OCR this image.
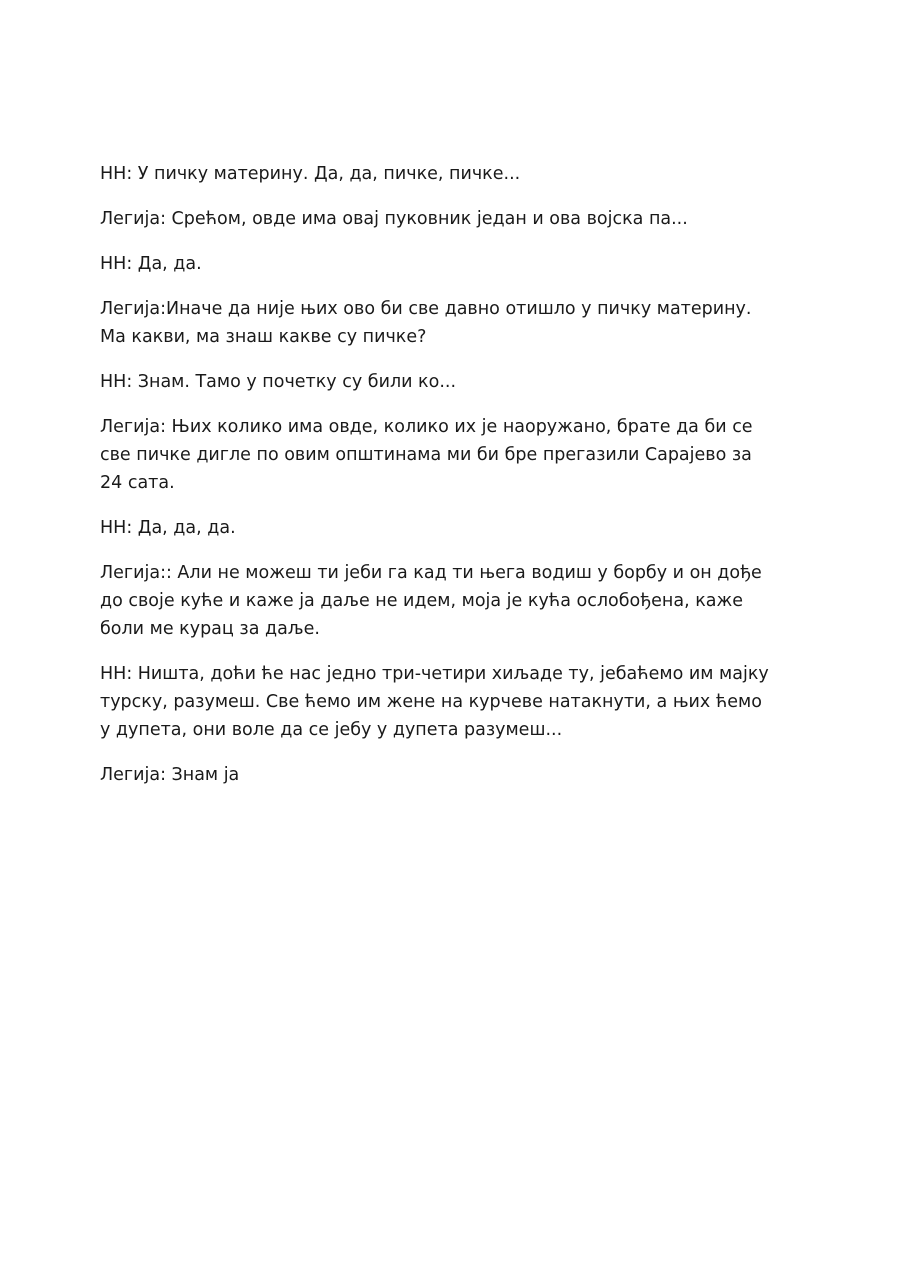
НН: У пичку материну. Да, да, пичке, пичке...

Легија: Срећом, овде има овај пуковник један и ова војска па...

НН: Да, да.

Легија:Иначе да није њих ово би све давно отишло у пичку материну. Ма какви, ма знаш какве су пичке?

НН: Знам. Тамо у почетку су били ко...

Легија: Њих колико има овде, колико их је наоружано, брате да би се све пичке дигле по овим општинама ми би бре прегазили Сарајево за 24 сата.

НН: Да, да, да.

Легија:: Али не можеш ти јеби га кад ти њега водиш у борбу и он дође до своје куће и каже ја даље не идем, моја је кућа ослобођена, каже боли ме курац за даље.

НН: Ништа, доћи ће нас једно три-четири хиљаде ту, јебаћемо им мајку турску, разумеш. Све ћемо им жене на курчеве натакнути, а њих ћемо у дупета, они воле да се јебу у дупета разумеш...

Легија: Знам ја
